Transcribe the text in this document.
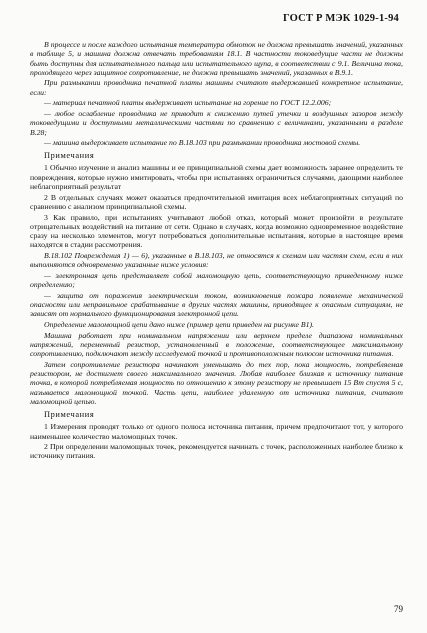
ГОСТ Р МЭК 1029-1-94

В процессе и после каждого испытания температура обмоток не должна превышать значений, указанных в таблице 5, и машина должна отвечать требованиям 18.1. В частности токоведущие части не должны быть доступны для испытательного пальца или испытательного щупа, в соответствии с 9.1. Величина тока, проходящего через защитное сопротивление, не должна превышать значений, указанных в В.9.1.

При размыкании проводника печатной платы машины считают выдержавшей конкретное испытание, если:

— материал печатной платы выдерживает испытание на горение по ГОСТ 12.2.006;

— любое ослабление проводника не приводит к снижению путей утечки и воздушных зазоров между токоведущими и доступными металлическими частями по сравнению с величинами, указанными в разделе В.28;

— машина выдерживает испытание по В.18.103 при размыкании проводника мостовой схемы.

Примечания

1 Обычно изучение и анализ машины и ее принципиальной схемы дает возможность заранее определить те повреждения, которые нужно имитировать, чтобы при испытаниях ограничиться случаями, дающими наиболее неблагоприятный результат

2 В отдельных случаях может оказаться предпочтительной имитация всех неблагоприятных ситуаций по сравнению с анализом принципиальной схемы.

3 Как правило, при испытаниях учитывают любой отказ, который может произойти в результате отрицательных воздействий на питание от сети. Однако в случаях, когда возможно одновременное воздействие сразу на несколько элементов, могут потребоваться дополнительные испытания, которые в настоящее время находятся в стадии рассмотрения.

В.18.102 Повреждения 1) — 6), указанные в В.18.103, не относятся к схемам или частям схем, если в них выполняются одновременно указанные ниже условия:

— электронная цепь представляет собой маломощную цепь, соответствующую приведенному ниже определению;

— защита от поражения электрическим током, возникновения пожара появление механической опасности или неправильное срабатывание в других частях машины, приводящее к опасным ситуациям, не зависят от нормального функционирования электронной цепи.

Определение маломощной цепи дано ниже (пример цепи приведен на рисунке В1).

Машина работает при номинальном напряжении или верхнем пределе диапазона номинальных напряжений, переменный резистор, установленный в положение, соответствующее максимальному сопротивлению, подключают между исследуемой точкой и противоположным полюсом источника питания.

Затем сопротивление резистора начинают уменьшать до тех пор, пока мощность, потребляемая резистором, не достигнет своего максимального значения. Любая наиболее близкая к источнику питания точка, в которой потребляемая мощность по отношению к этому резистору не превышает 15 Вт спустя 5 с, называется маломощной точкой. Часть цепи, наиболее удаленную от источника питания, считают маломощной цепью.

Примечания

1 Измерения проводят только от одного полюса источника питания, причем предпочитают тот, у которого наименьшее количество маломощных точек.

2 При определении маломощных точек, рекомендуется начинать с точек, расположенных наиболее близко к источнику питания.

79
